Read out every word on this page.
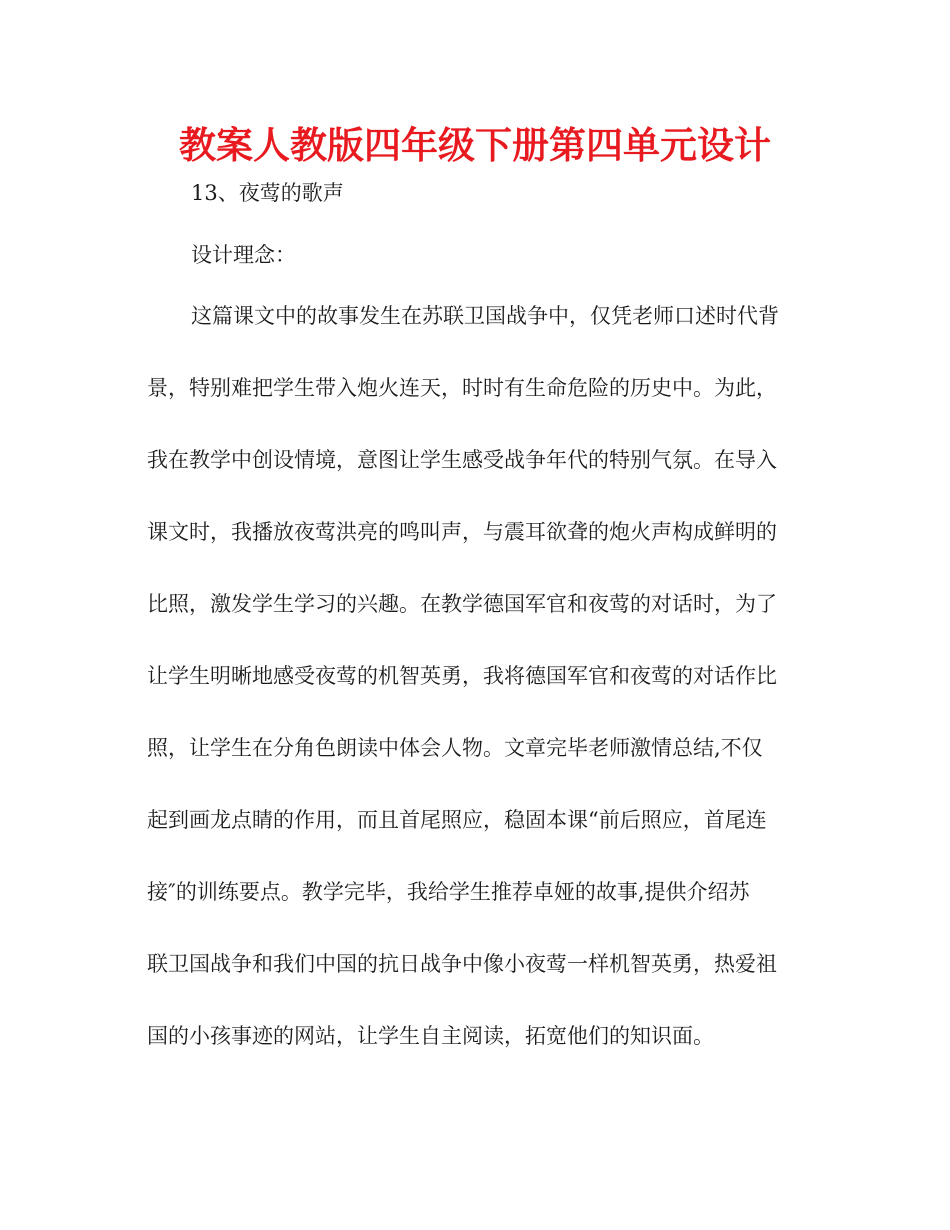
教案人教版四年级下册第四单元设计
13、夜莺的歌声
设计理念：
这篇课文中的故事发生在苏联卫国战争中，仅凭老师口述时代背
景，特别难把学生带入炮火连天，时时有生命危险的历史中。为此，
我在教学中创设情境，意图让学生感受战争年代的特别气氛。在导入
课文时，我播放夜莺洪亮的鸣叫声，与震耳欲聋的炮火声构成鲜明的
比照，激发学生学习的兴趣。在教学德国军官和夜莺的对话时，为了
让学生明晰地感受夜莺的机智英勇，我将德国军官和夜莺的对话作比
照，让学生在分角色朗读中体会人物。文章完毕老师激情总结,不仅
起到画龙点睛的作用，而且首尾照应，稳固本课“前后照应，首尾连
接″的训练要点。教学完毕，我给学生推荐卓娅的故事,提供介绍苏
联卫国战争和我们中国的抗日战争中像小夜莺一样机智英勇，热爱祖
国的小孩事迹的网站，让学生自主阅读，拓宽他们的知识面。
